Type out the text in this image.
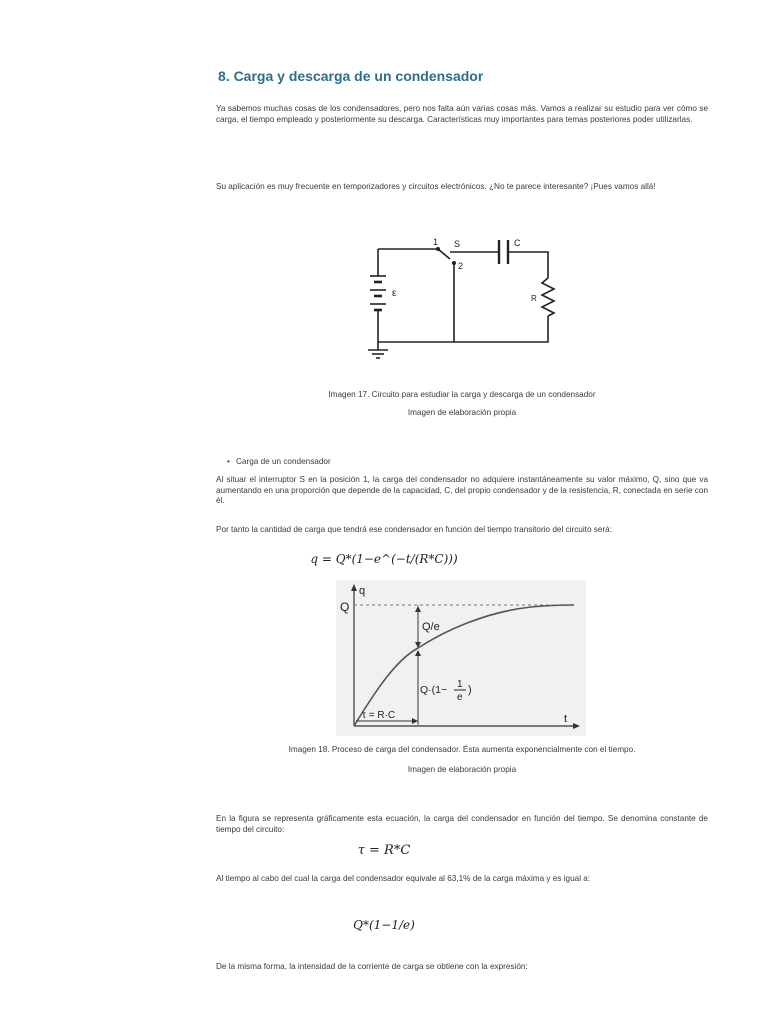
8. Carga y descarga de un condensador
Ya sabemos muchas cosas de los condensadores, pero nos falta aún varias cosas más. Vamos a realizar su estudio para ver cómo se carga, el tiempo empleado y posteriormente su descarga. Características muy importantes para temas posteriores poder utilizarlas.
Su aplicación es muy frecuente en temporizadores y circuitos electrónicos. ¿No te parece interesante? ¡Pues vamos allá!
1 S
2
C
ε	R
Imagen 17. Circuito para estudiar la carga y descarga de un condensador
Imagen de elaboración propia
• Carga de un condensador
Al situar el interruptor S en la posición 1, la carga del condensador no adquiere instantáneamente su valor máximo, Q, sino que va aumentando en una proporción que depende de la capacidad, C, del propio condensador y de la resistencia, R, conectada en serie con él.
Por tanto la cantidad de carga que tendrá ese condensador en función del tiempo transitorio del circuito será:
q = Q*(1−e^(−t/(R*C)))
q
t
Q
Q/e
Q·(1− 1
e
)
τ = R·C
Imagen 18. Proceso de carga del condensador. Ésta aumenta exponencialmente con el tiempo.
Imagen de elaboración propia
En la figura se representa gráficamente esta ecuación, la carga del condensador en función del tiempo. Se denomina constante de tiempo del circuito:
τ = R*C
Al tiempo al cabo del cual la carga del condensador equivale al 63,1% de la carga máxima y es igual a:
Q*(1−1/e)
De la misma forma, la intensidad de la corriente de carga se obtiene con la expresión:
